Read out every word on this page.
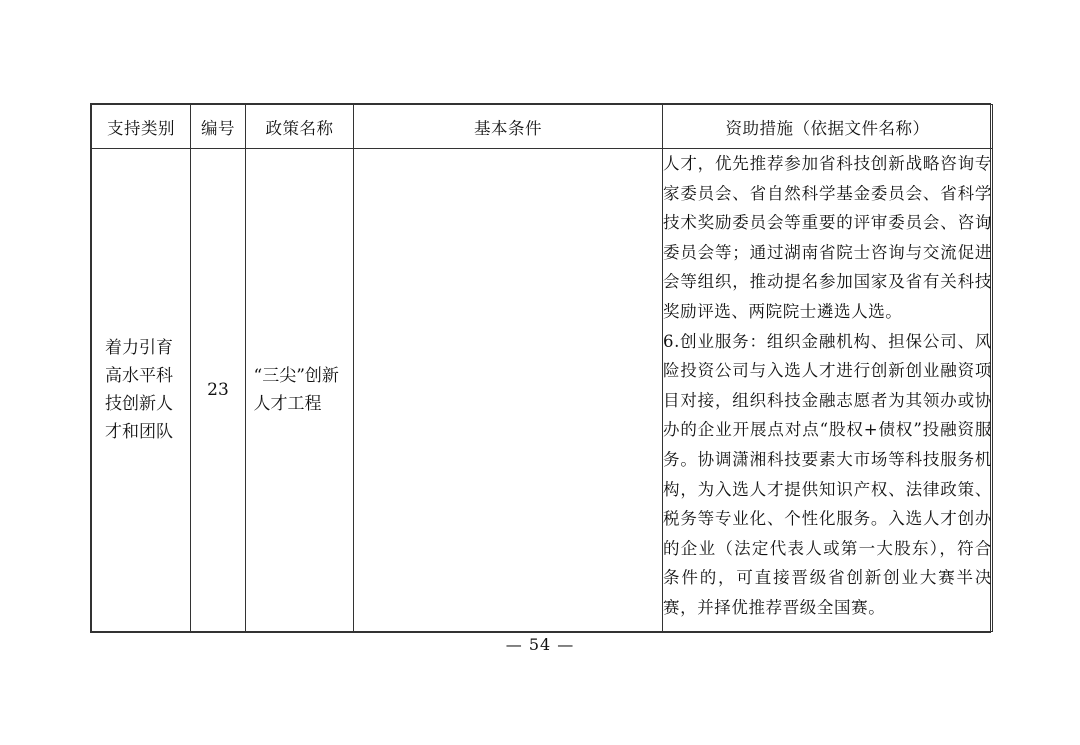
支持类别	编号	政策名称	基本条件	资助措施（依据文件名称）
着力引育高水平科技创新人才和团队	23	“三尖”创新人才工程		人才，优先推荐参加省科技创新战略咨询专家委员会、省自然科学基金委员会、省科学技术奖励委员会等重要的评审委员会、咨询委员会等；通过湖南省院士咨询与交流促进会等组织，推动提名参加国家及省有关科技奖励评选、两院院士遴选人选。
6.创业服务：组织金融机构、担保公司、风险投资公司与入选人才进行创新创业融资项目对接，组织科技金融志愿者为其领办或协办的企业开展点对点“股权+债权”投融资服务。协调潇湘科技要素大市场等科技服务机构，为入选人才提供知识产权、法律政策、税务等专业化、个性化服务。入选人才创办的企业（法定代表人或第一大股东），符合条件的，可直接晋级省创新创业大赛半决赛，并择优推荐晋级全国赛。
— 54 —
